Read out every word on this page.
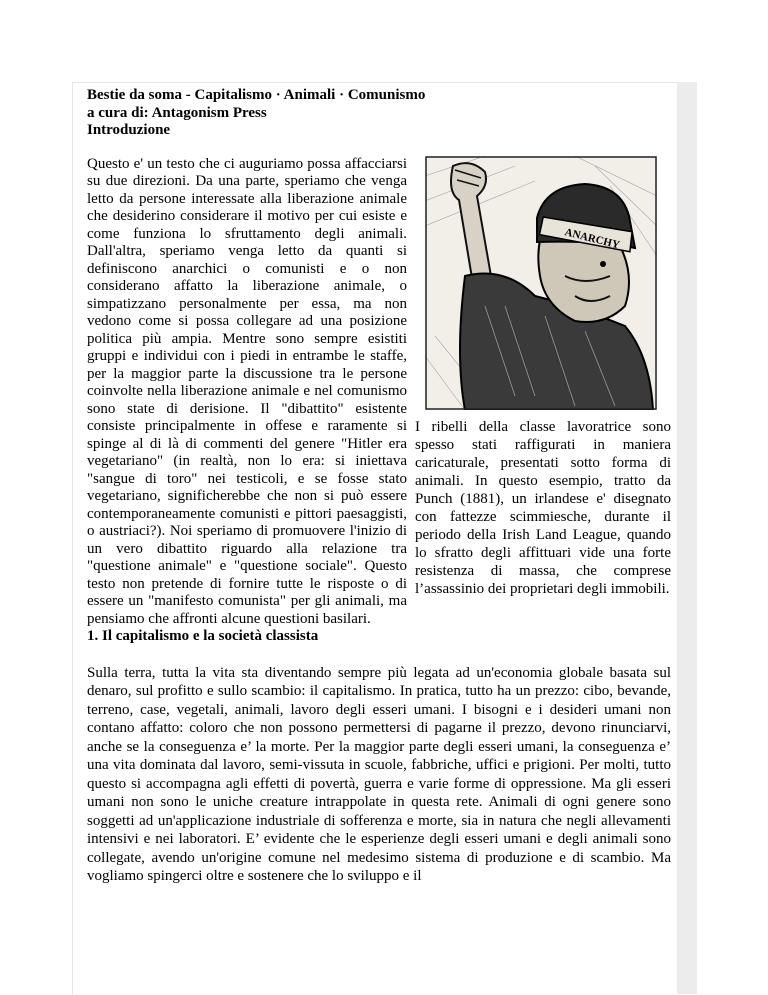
Bestie da soma - Capitalismo · Animali · Comunismo

a cura di: Antagonism Press

Introduzione
ANARCHY
I ribelli della classe lavoratrice sono spesso stati raffigurati in maniera caricaturale, presentati sotto forma di animali. In questo esempio, tratto da Punch (1881), un irlandese e' disegnato con fattezze scimmiesche, durante il periodo della Irish Land League, quando lo sfratto degli affittuari vide una forte resistenza di massa, che comprese l’assassinio dei proprietari degli immobili.

Questo e' un testo che ci auguriamo possa affacciarsi su due direzioni. Da una parte, speriamo che venga letto da persone interessate alla liberazione animale che desiderino considerare il motivo per cui esiste e come funziona lo sfruttamento degli animali. Dall'altra, speriamo venga letto da quanti si definiscono anarchici o comunisti e o non considerano affatto la liberazione animale, o simpatizzano personalmente per essa, ma non vedono come si possa collegare ad una posizione politica più ampia. Mentre sono sempre esistiti gruppi e individui con i piedi in entrambe le staffe, per la maggior parte la discussione tra le persone coinvolte nella liberazione animale e nel comunismo sono state di derisione. Il "dibattito" esistente consiste principalmente in offese e raramente si spinge al di là di commenti del genere "Hitler era vegetariano" (in realtà, non lo era: si iniettava "sangue di toro" nei testicoli, e se fosse stato vegetariano, significherebbe che non si può essere contemporaneamente comunisti e pittori paesaggisti, o austriaci?). Noi speriamo di promuovere l'inizio di un vero dibattito riguardo alla relazione tra "questione animale" e "questione sociale". Questo testo non pretende di fornire tutte le risposte o di essere un "manifesto comunista" per gli animali, ma pensiamo che affronti alcune questioni basilari.

1. Il capitalismo e la società classista

Sulla terra, tutta la vita sta diventando sempre più legata ad un'economia globale basata sul denaro, sul profitto e sullo scambio: il capitalismo. In pratica, tutto ha un prezzo: cibo, bevande, terreno, case, vegetali, animali, lavoro degli esseri umani. I bisogni e i desideri umani non contano affatto: coloro che non possono permettersi di pagarne il prezzo, devono rinunciarvi, anche se la conseguenza e’ la morte. Per la maggior parte degli esseri umani, la conseguenza e’ una vita dominata dal lavoro, semi-vissuta in scuole, fabbriche, uffici e prigioni. Per molti, tutto questo si accompagna agli effetti di povertà, guerra e varie forme di oppressione. Ma gli esseri umani non sono le uniche creature intrappolate in questa rete. Animali di ogni genere sono soggetti ad un'applicazione industriale di sofferenza e morte, sia in natura che negli allevamenti intensivi e nei laboratori. E’ evidente che le esperienze degli esseri umani e degli animali sono collegate, avendo un'origine comune nel medesimo sistema di produzione e di scambio. Ma vogliamo spingerci oltre e sostenere che lo sviluppo e il
